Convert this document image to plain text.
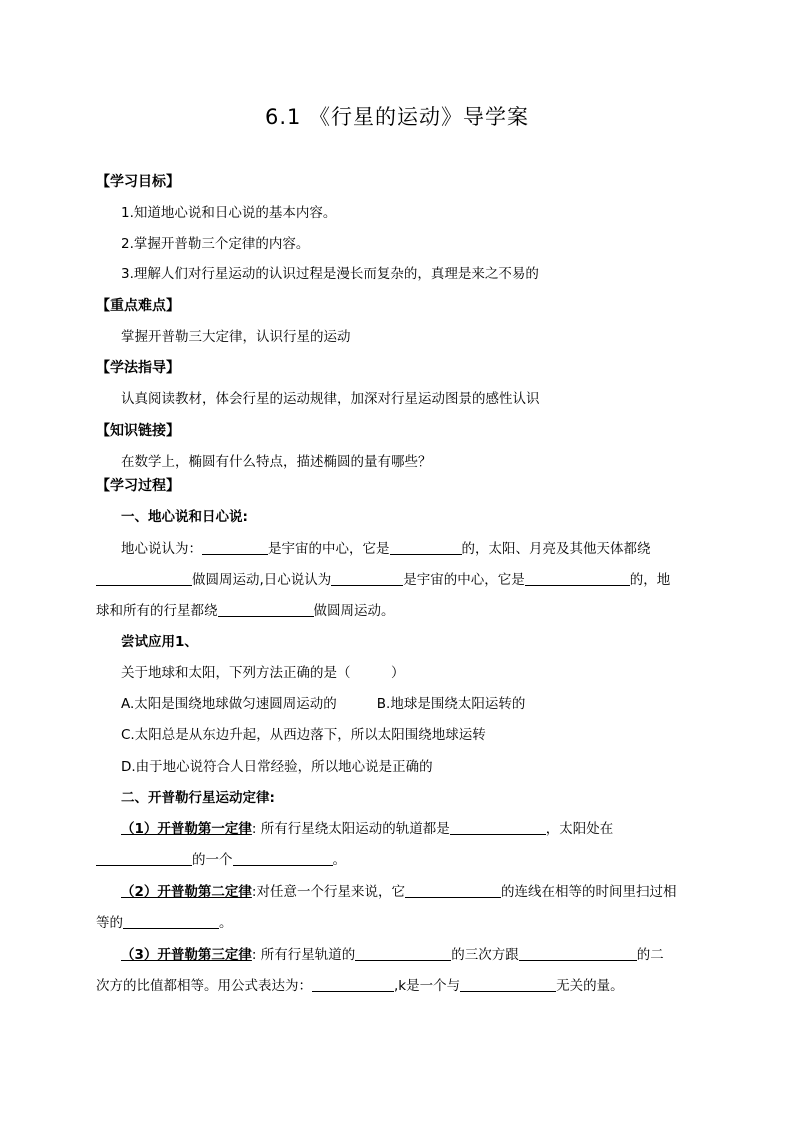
6.1 《行星的运动》导学案
【学习目标】
1.知道地心说和日心说的基本内容。
2.掌握开普勒三个定律的内容。
3.理解人们对行星运动的认识过程是漫长而复杂的，真理是来之不易的
【重点难点】
掌握开普勒三大定律，认识行星的运动
【学法指导】
认真阅读教材，体会行星的运动规律，加深对行星运动图景的感性认识
【知识链接】
在数学上，椭圆有什么特点，描述椭圆的量有哪些？
【学习过程】
一、地心说和日心说:
地心说认为：	是宇宙的中心，它是	的，太阳、月亮及其他天体都绕
做圆周运动,日心说认为	是宇宙的中心，它是	的，地
球和所有的行星都绕	做圆周运动。
尝试应用1、
关于地球和太阳，下列方法正确的是（　　　）
A.太阳是围绕地球做匀速圆周运动的	B.地球是围绕太阳运转的
C.太阳总是从东边升起，从西边落下，所以太阳围绕地球运转
D.由于地心说符合人日常经验，所以地心说是正确的
二、开普勒行星运动定律:
（1）开普勒第一定律: 所有行星绕太阳运动的轨道都是	，太阳处在
的一个	。
（2）开普勒第二定律:对任意一个行星来说，它	的连线在相等的时间里扫过相
等的	。
（3）开普勒第三定律: 所有行星轨道的	的三次方跟	的二
次方的比值都相等。用公式表达为：	,k是一个与	无关的量。
